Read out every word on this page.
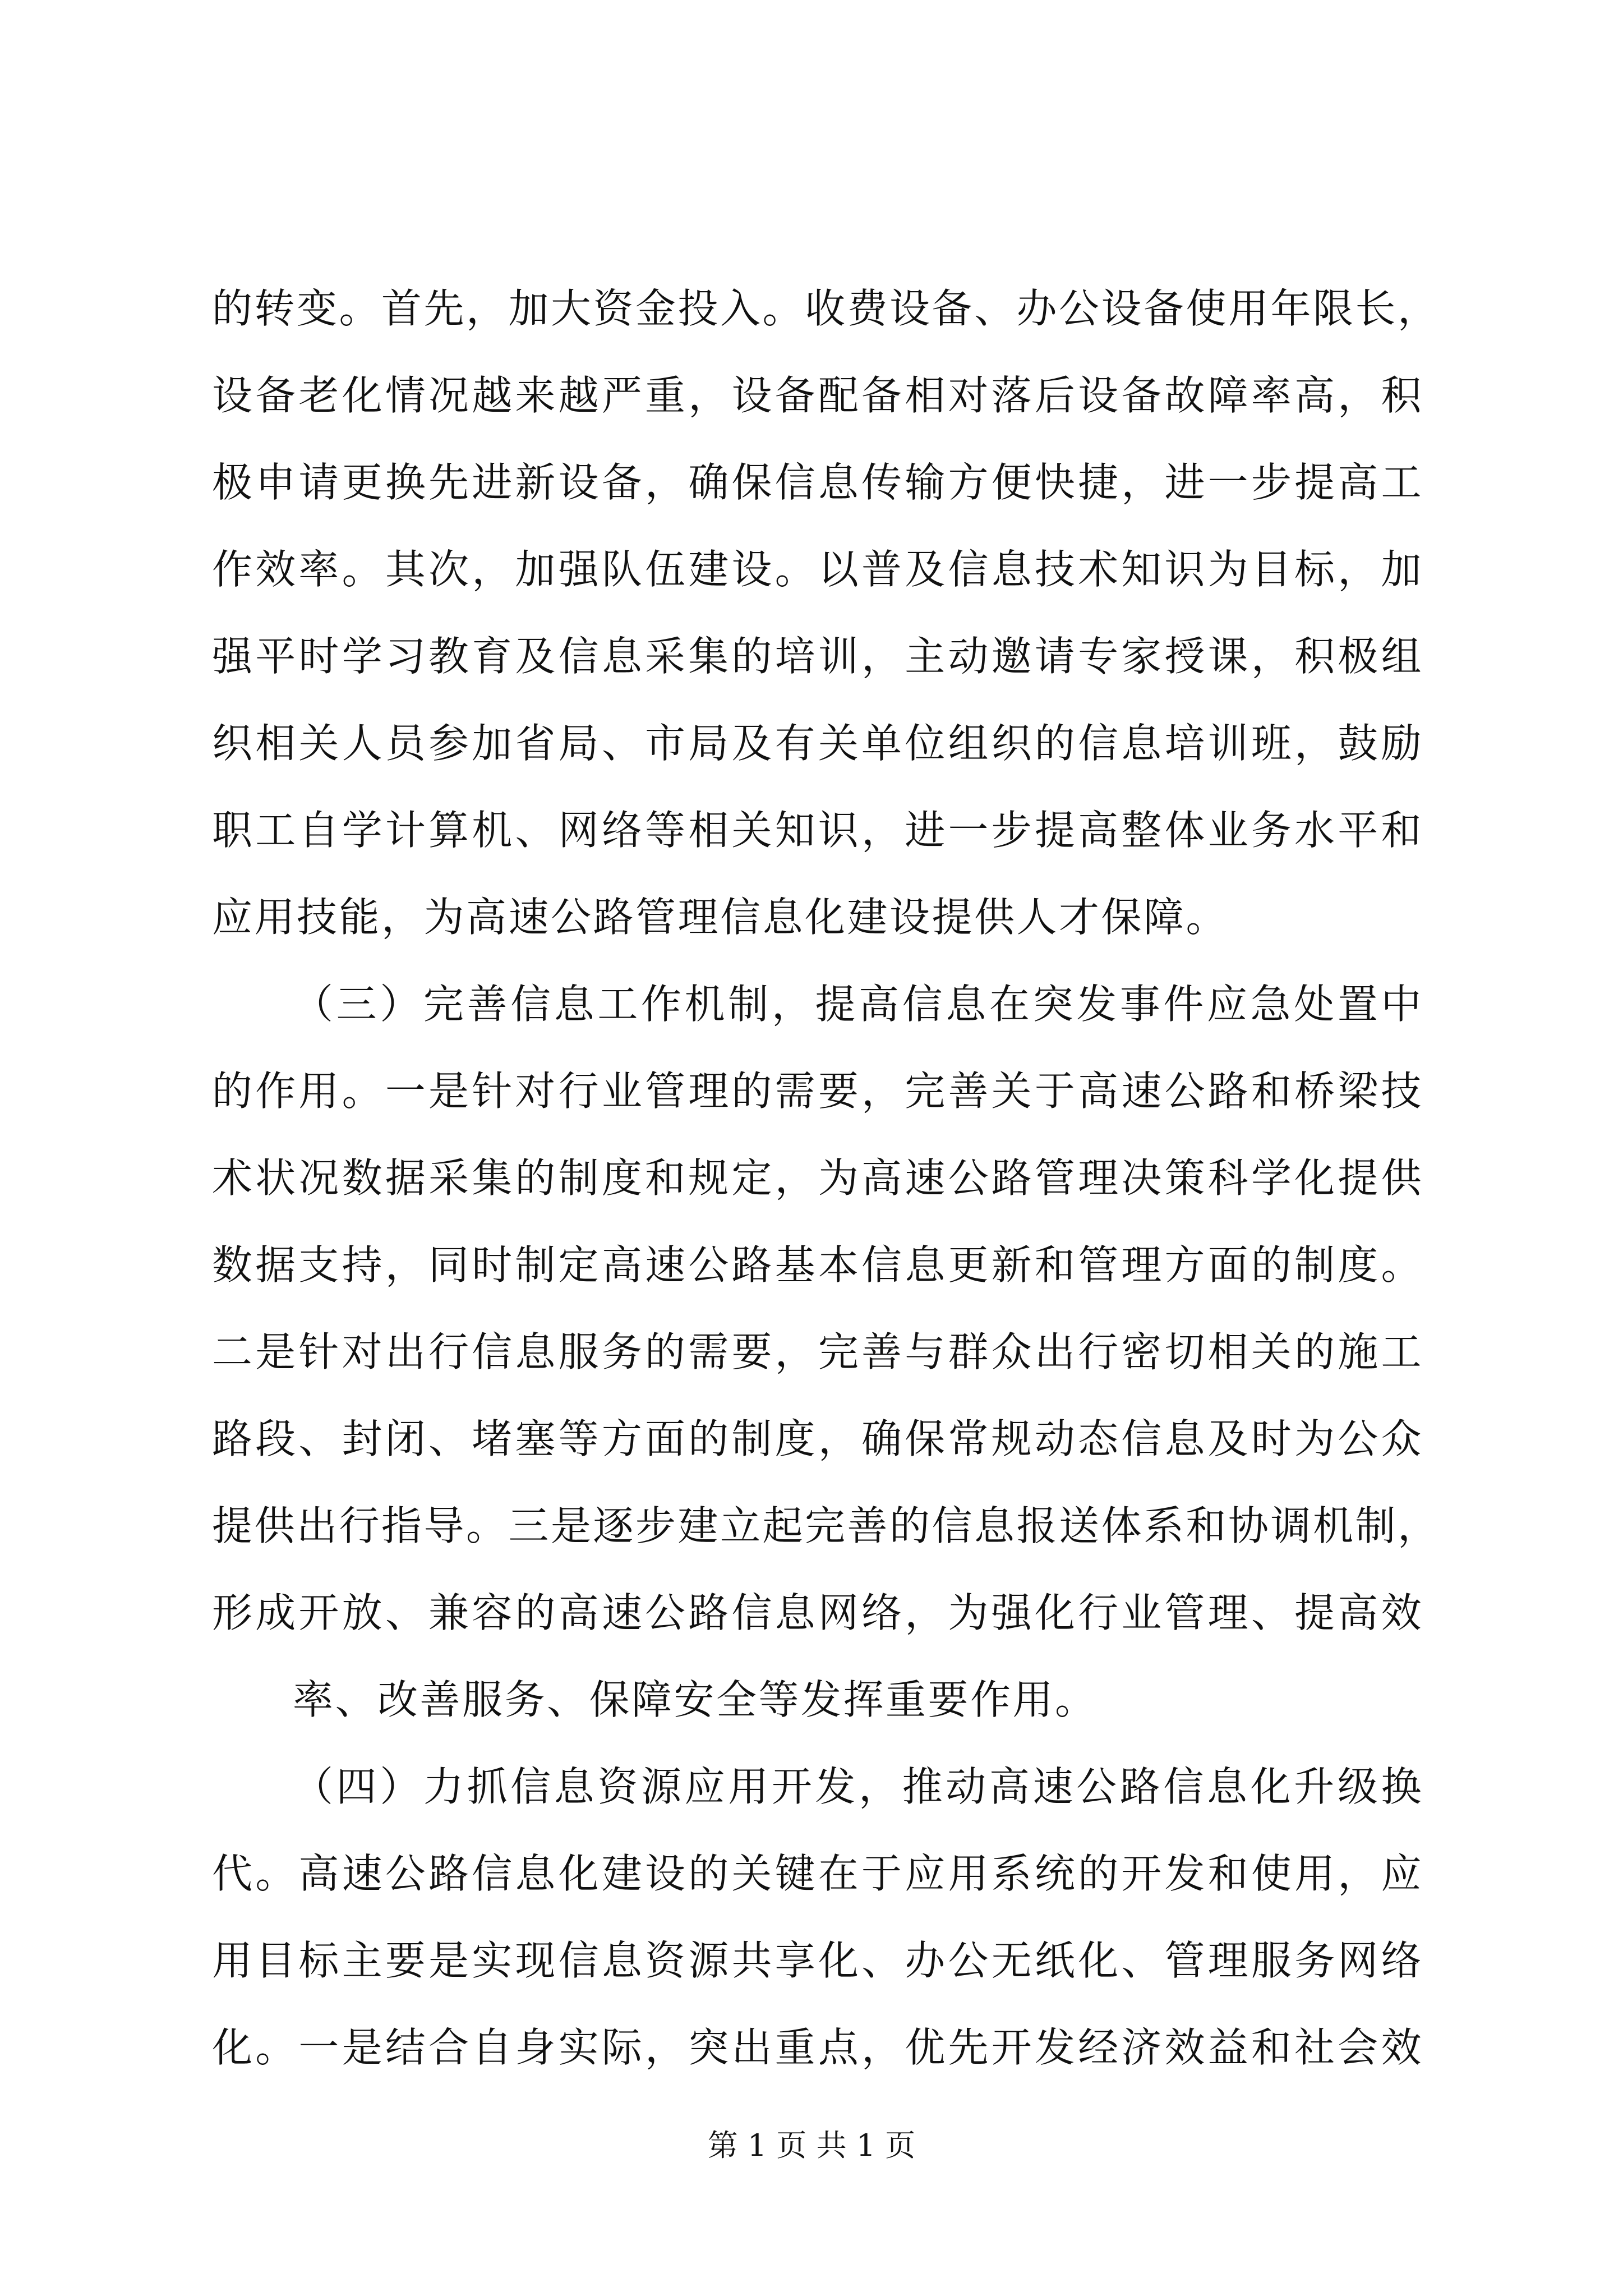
的转变。首先，加大资金投入。收费设备、办公设备使用年限长，
设备老化情况越来越严重，设备配备相对落后设备故障率高，积
极申请更换先进新设备，确保信息传输方便快捷，进一步提高工
作效率。其次，加强队伍建设。以普及信息技术知识为目标，加
强平时学习教育及信息采集的培训，主动邀请专家授课，积极组
织相关人员参加省局、市局及有关单位组织的信息培训班，鼓励
职工自学计算机、网络等相关知识，进一步提高整体业务水平和
应用技能，为高速公路管理信息化建设提供人才保障。
（三）完善信息工作机制，提高信息在突发事件应急处置中
的作用。一是针对行业管理的需要，完善关于高速公路和桥梁技
术状况数据采集的制度和规定，为高速公路管理决策科学化提供
数据支持，同时制定高速公路基本信息更新和管理方面的制度。
二是针对出行信息服务的需要，完善与群众出行密切相关的施工
路段、封闭、堵塞等方面的制度，确保常规动态信息及时为公众
提供出行指导。三是逐步建立起完善的信息报送体系和协调机制，
形成开放、兼容的高速公路信息网络，为强化行业管理、提高效
率、改善服务、保障安全等发挥重要作用。
（四）力抓信息资源应用开发，推动高速公路信息化升级换
代。高速公路信息化建设的关键在于应用系统的开发和使用，应
用目标主要是实现信息资源共享化、办公无纸化、管理服务网络
化。一是结合自身实际，突出重点，优先开发经济效益和社会效
第 1 页 共 1 页
